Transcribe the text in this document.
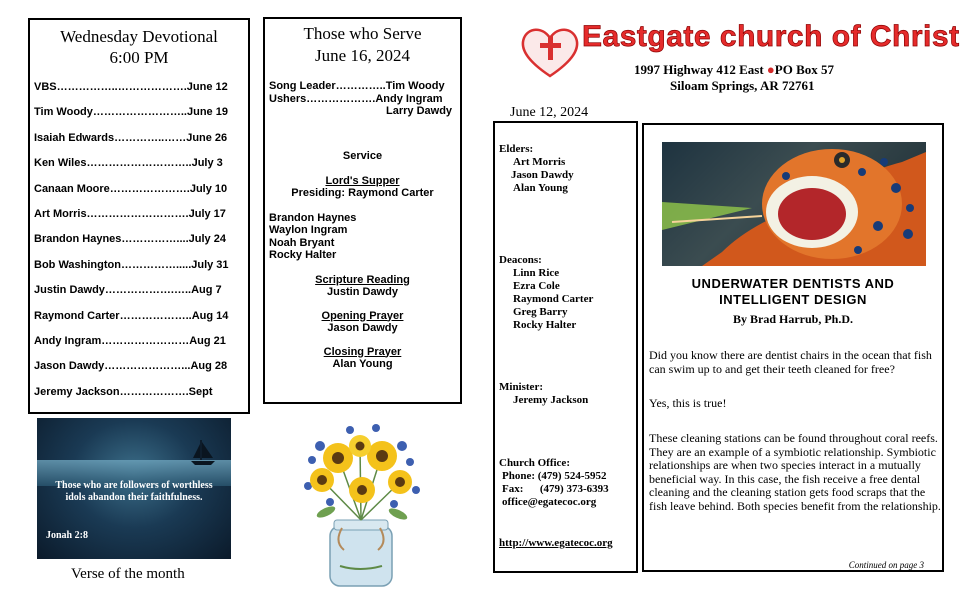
Wednesday Devotional
6:00 PM
VBS……………..……………….June 12
Tim Woody……………………..June 19
Isaiah Edwards…………..……June 26
Ken Wiles………………………..July 3
Canaan Moore………………….July 10
Art Morris……………………….July 17
Brandon Haynes……………....July 24
Bob Washington…………….....July 31
Justin Dawdy……………….…..Aug 7
Raymond Carter………………..Aug 14
Andy Ingram……………………Aug 21
Jason Dawdy…………………...Aug 28
Jeremy Jackson……………….Sept
Those who Serve
June 16, 2024
Song Leader…………..Tim Woody
Ushers……………….Andy Ingram
Larry Dawdy
Service
Lord's Supper
Presiding: Raymond Carter
Brandon Haynes
Waylon Ingram
Noah Bryant
Rocky Halter
Scripture Reading
Justin Dawdy
Opening Prayer
Jason Dawdy
Closing Prayer
Alan Young
Those who are followers of worthless idols abandon their faithfulness.
Jonah 2:8
Verse of the month
Eastgate church of Christ
1997 Highway 412 East ●PO Box 57
Siloam Springs, AR 72761
June 12, 2024
Elders:
Art Morris
Jason Dawdy
Alan Young
Deacons:
Linn Rice
Ezra Cole
Raymond Carter
Greg Barry
Rocky Halter
Minister:
Jeremy Jackson
Church Office:
Phone: (479) 524-5952
Fax:      (479) 373-6393
office@egatecoc.org
http://www.egatecoc.org
UNDERWATER DENTISTS AND
INTELLIGENT DESIGN
By Brad Harrub, Ph.D.
Did you know there are dentist chairs in the ocean that fish can swim up to and get their teeth cleaned for free?
Yes, this is true!
These cleaning stations can be found throughout coral reefs. They are an example of a symbiotic relationship. Symbiotic relationships are when two species interact in a mutually beneficial way. In this case, the fish receive a free dental cleaning and the cleaning station gets food scraps that the fish leave behind. Both species benefit from the relationship.
Continued on page 3
